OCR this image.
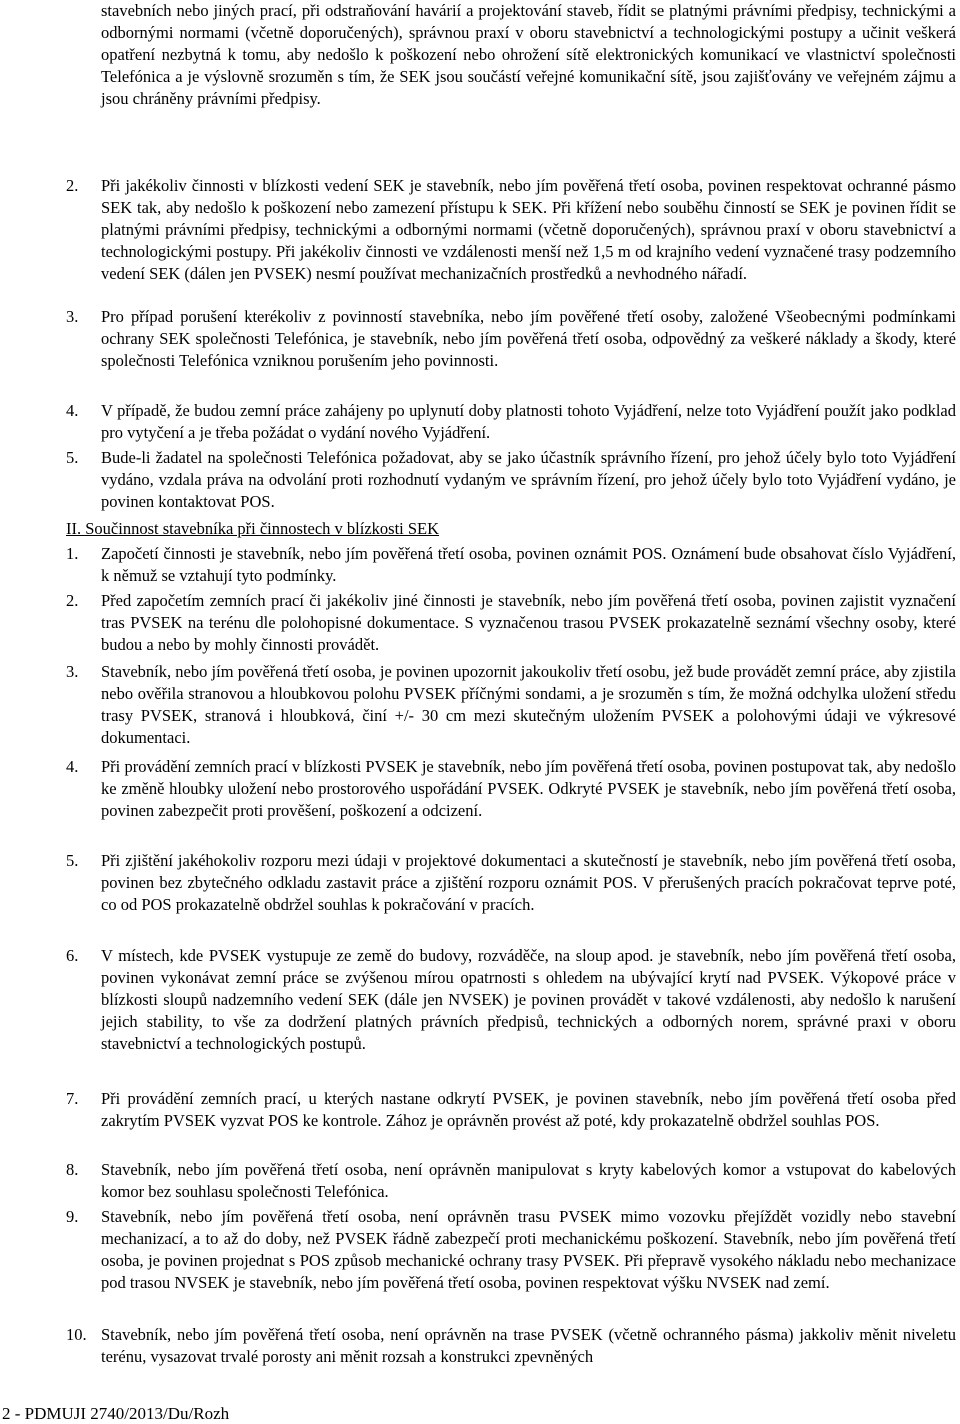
stavebních nebo jiných prací, při odstraňování havárií a projektování staveb, řídit se platnými právními předpisy, technickými a odbornými normami (včetně doporučených), správnou praxí v oboru stavebnictví a technologickými postupy a učinit veškerá opatření nezbytná k tomu, aby nedošlo k poškození nebo ohrožení sítě elektronických komunikací ve vlastnictví společnosti Telefónica a je výslovně srozuměn s tím, že SEK jsou součástí veřejné komunikační sítě, jsou zajišťovány ve veřejném zájmu a jsou chráněny právními předpisy.
2.	Při jakékoliv činnosti v blízkosti vedení SEK je stavebník, nebo jím pověřená třetí osoba, povinen respektovat ochranné pásmo SEK tak, aby nedošlo k poškození nebo zamezení přístupu k SEK. Při křížení nebo souběhu činností se SEK je povinen řídit se platnými právními předpisy, technickými a odbornými normami (včetně doporučených), správnou praxí v oboru stavebnictví a technologickými postupy. Při jakékoliv činnosti ve vzdálenosti menší než 1,5 m od krajního vedení vyznačené trasy podzemního vedení SEK (dálen jen PVSEK) nesmí používat mechanizačních prostředků a nevhodného nářadí.
3.	Pro případ porušení kterékoliv z povinností stavebníka, nebo jím pověřené třetí osoby, založené Všeobecnými podmínkami ochrany SEK společnosti Telefónica, je stavebník, nebo jím pověřená třetí osoba, odpovědný za veškeré náklady a škody, které společnosti Telefónica vzniknou porušením jeho povinnosti.
4.	V případě, že budou zemní práce zahájeny po uplynutí doby platnosti tohoto Vyjádření, nelze toto Vyjádření použít jako podklad pro vytyčení a je třeba požádat o vydání nového Vyjádření.
5.	Bude-li žadatel na společnosti Telefónica požadovat, aby se jako účastník správního řízení, pro jehož účely bylo toto Vyjádření vydáno, vzdala práva na odvolání proti rozhodnutí vydaným ve správním řízení, pro jehož účely bylo toto Vyjádření vydáno, je povinen kontaktovat POS.
II. Součinnost stavebníka při činnostech v blízkosti SEK
1.	Započetí činnosti je stavebník, nebo jím pověřená třetí osoba, povinen oznámit POS. Oznámení bude obsahovat číslo Vyjádření, k němuž se vztahují tyto podmínky.
2.	Před započetím zemních prací či jakékoliv jiné činnosti je stavebník, nebo jím pověřená třetí osoba, povinen zajistit vyznačení tras PVSEK na terénu dle polohopisné dokumentace. S vyznačenou trasou PVSEK prokazatelně seznámí všechny osoby, které budou a nebo by mohly činnosti provádět.
3.	Stavebník, nebo jím pověřená třetí osoba, je povinen upozornit jakoukoliv třetí osobu, jež bude provádět zemní práce, aby zjistila nebo ověřila stranovou a hloubkovou polohu PVSEK příčnými sondami, a je srozuměn s tím, že možná odchylka uložení středu trasy PVSEK, stranová i hloubková, činí +/- 30 cm mezi skutečným uložením PVSEK a polohovými údaji ve výkresové dokumentaci.
4.	Při provádění zemních prací v blízkosti PVSEK je stavebník, nebo jím pověřená třetí osoba, povinen postupovat tak, aby nedošlo ke změně hloubky uložení nebo prostorového uspořádání PVSEK. Odkryté PVSEK je stavebník, nebo jím pověřená třetí osoba, povinen zabezpečit proti prověšení, poškození a odcizení.
5.	Při zjištění jakéhokoliv rozporu mezi údaji v projektové dokumentaci a skutečností je stavebník, nebo jím pověřená třetí osoba, povinen bez zbytečného odkladu zastavit práce a zjištění rozporu oznámit POS. V přerušených pracích pokračovat teprve poté, co od POS prokazatelně obdržel souhlas k pokračování v pracích.
6.	V místech, kde PVSEK vystupuje ze země do budovy, rozváděče, na sloup apod. je stavebník, nebo jím pověřená třetí osoba, povinen vykonávat zemní práce se zvýšenou mírou opatrnosti s ohledem na ubývající krytí nad PVSEK. Výkopové práce v blízkosti sloupů nadzemního vedení SEK (dále jen NVSEK) je povinen provádět v takové vzdálenosti, aby nedošlo k narušení jejich stability, to vše za dodržení platných právních předpisů, technických a odborných norem, správné praxi v oboru stavebnictví a technologických postupů.
7.	Při provádění zemních prací, u kterých nastane odkrytí PVSEK, je povinen stavebník, nebo jím pověřená třetí osoba před zakrytím PVSEK vyzvat POS ke kontrole. Zához je oprávněn provést až poté, kdy prokazatelně obdržel souhlas POS.
8.	Stavebník, nebo jím pověřená třetí osoba, není oprávněn manipulovat s kryty kabelových komor a vstupovat do kabelových komor bez souhlasu společnosti Telefónica.
9.	Stavebník, nebo jím pověřená třetí osoba, není oprávněn trasu PVSEK mimo vozovku přejíždět vozidly nebo stavební mechanizací, a to až do doby, než PVSEK řádně zabezpečí proti mechanickému poškození. Stavebník, nebo jím pověřená třetí osoba, je povinen projednat s POS způsob mechanické ochrany trasy PVSEK. Při přepravě vysokého nákladu nebo mechanizace pod trasou NVSEK je stavebník, nebo jím pověřená třetí osoba, povinen respektovat výšku NVSEK nad zemí.
10. Stavebník, nebo jím pověřená třetí osoba, není oprávněn na trase PVSEK (včetně ochranného pásma) jakkoliv měnit niveletu terénu, vysazovat trvalé porosty ani měnit rozsah a konstrukci zpevněných
2 - PDMUJI 2740/2013/Du/Rozh
